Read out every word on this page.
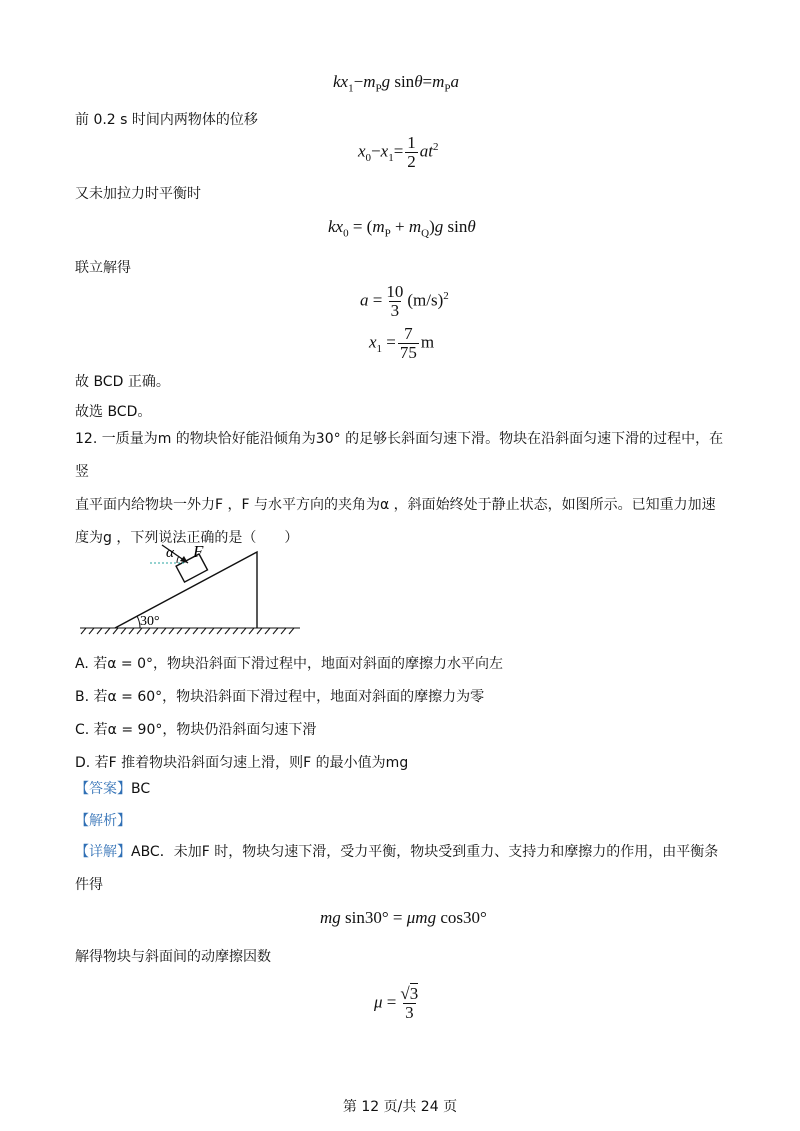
$kx_1-m_Pg$ $\sin\theta=m_Pa$
前 0.2 s 时间内两物体的位移
$x_0-x_1= \frac{1}{2} at^2$
又未加拉力时平衡时
$kx_0 = (m_P + m_Q)g$ sinθ
联立解得
$a = \frac{10}{3} (m/s)^2$
$x_1 = \frac{7}{75}$ m
故 BCD 正确。
故选 BCD。
12. 一质量为m 的物块恰好能沿倾角为30° 的足够长斜面匀速下滑。物块在沿斜面匀速下滑的过程中，在竖
直平面内给物块一外力F ，F 与水平方向的夹角为α ，斜面始终处于静止状态，如图所示。已知重力加速
度为g ，下列说法正确的是（　　）
α F
30°
A. 若α = 0°，物块沿斜面下滑过程中，地面对斜面的摩擦力水平向左
B. 若α = 60°，物块沿斜面下滑过程中，地面对斜面的摩擦力为零
C. 若α = 90°，物块仍沿斜面匀速下滑
D. 若F 推着物块沿斜面匀速上滑，则F 的最小值为mg
【答案】BC
【解析】
【详解】ABC．未加F 时，物块匀速下滑，受力平衡，物块受到重力、支持力和摩擦力的作用，由平衡条
件得
mg sin30° = μmg cos30°
解得物块与斜面间的动摩擦因数
$\mu = \frac{√3}{3}$
第 12 页/共 24 页
